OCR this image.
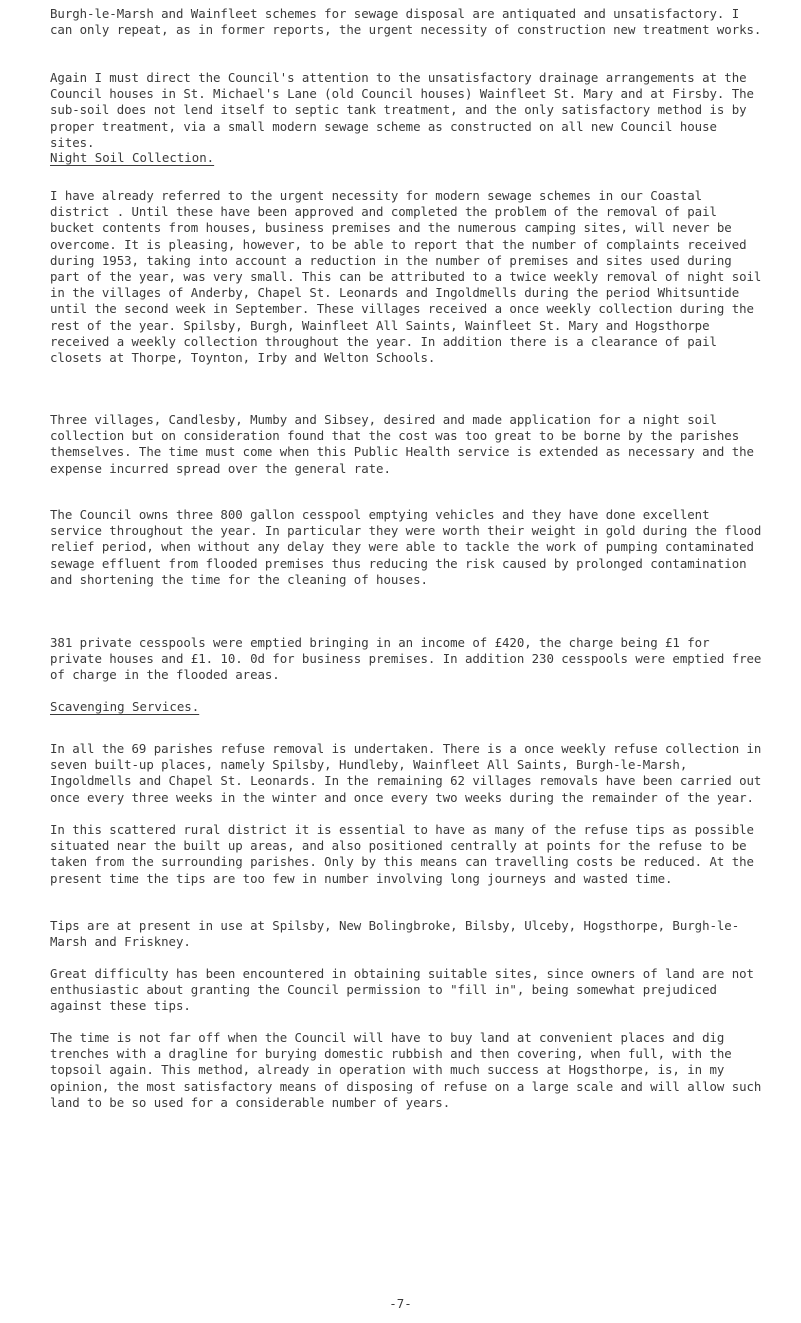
Burgh-le-Marsh and Wainfleet schemes for sewage disposal are antiquated and unsatisfactory. I can only repeat, as in former reports, the urgent necessity of construction new treatment works.

Again I must direct the Council's attention to the unsatisfactory drainage arrangements at the Council houses in St. Michael's Lane (old Council houses) Wainfleet St. Mary and at Firsby. The sub-soil does not lend itself to septic tank treatment, and the only satisfactory method is by proper treatment, via a small modern sewage scheme as constructed on all new Council house sites.

Night Soil Collection.

I have already referred to the urgent necessity for modern sewage schemes in our Coastal district . Until these have been approved and completed the problem of the removal of pail bucket contents from houses, business premises and the numerous camping sites, will never be overcome. It is pleasing, however, to be able to report that the number of complaints received during 1953, taking into account a reduction in the number of premises and sites used during part of the year, was very small. This can be attributed to a twice weekly removal of night soil in the villages of Anderby, Chapel St. Leonards and Ingoldmells during the period Whitsuntide until the second week in September. These villages received a once weekly collection during the rest of the year. Spilsby, Burgh, Wainfleet All Saints, Wainfleet St. Mary and Hogsthorpe received a weekly collection throughout the year. In addition there is a clearance of pail closets at Thorpe, Toynton, Irby and Welton Schools.

Three villages, Candlesby, Mumby and Sibsey, desired and made application for a night soil collection but on consideration found that the cost was too great to be borne by the parishes themselves. The time must come when this Public Health service is extended as necessary and the expense incurred spread over the general rate.

The Council owns three 800 gallon cesspool emptying vehicles and they have done excellent service throughout the year. In particular they were worth their weight in gold during the flood relief period, when without any delay they were able to tackle the work of pumping contaminated sewage effluent from flooded premises thus reducing the risk caused by prolonged contamination and shortening the time for the cleaning of houses.

381 private cesspools were emptied bringing in an income of £420, the charge being £1 for private houses and £1. 10. 0d for business premises. In addition 230 cesspools were emptied free of charge in the flooded areas.

Scavenging Services.

In all the 69 parishes refuse removal is undertaken. There is a once weekly refuse collection in seven built-up places, namely Spilsby, Hundleby, Wainfleet All Saints, Burgh-le-Marsh, Ingoldmells and Chapel St. Leonards. In the remaining 62 villages removals have been carried out once every three weeks in the winter and once every two weeks during the remainder of the year.

In this scattered rural district it is essential to have as many of the refuse tips as possible situated near the built up areas, and also positioned centrally at points for the refuse to be taken from the surrounding parishes. Only by this means can travelling costs be reduced. At the present time the tips are too few in number involving long journeys and wasted time.

Tips are at present in use at Spilsby, New Bolingbroke, Bilsby, Ulceby, Hogsthorpe, Burgh-le-Marsh and Friskney.

Great difficulty has been encountered in obtaining suitable sites, since owners of land are not enthusiastic about granting the Council permission to "fill in", being somewhat prejudiced against these tips.

The time is not far off when the Council will have to buy land at convenient places and dig trenches with a dragline for burying domestic rubbish and then covering, when full, with the topsoil again. This method, already in operation with much success at Hogsthorpe, is, in my opinion, the most satisfactory means of disposing of refuse on a large scale and will allow such land to be so used for a considerable number of years.

-7-
